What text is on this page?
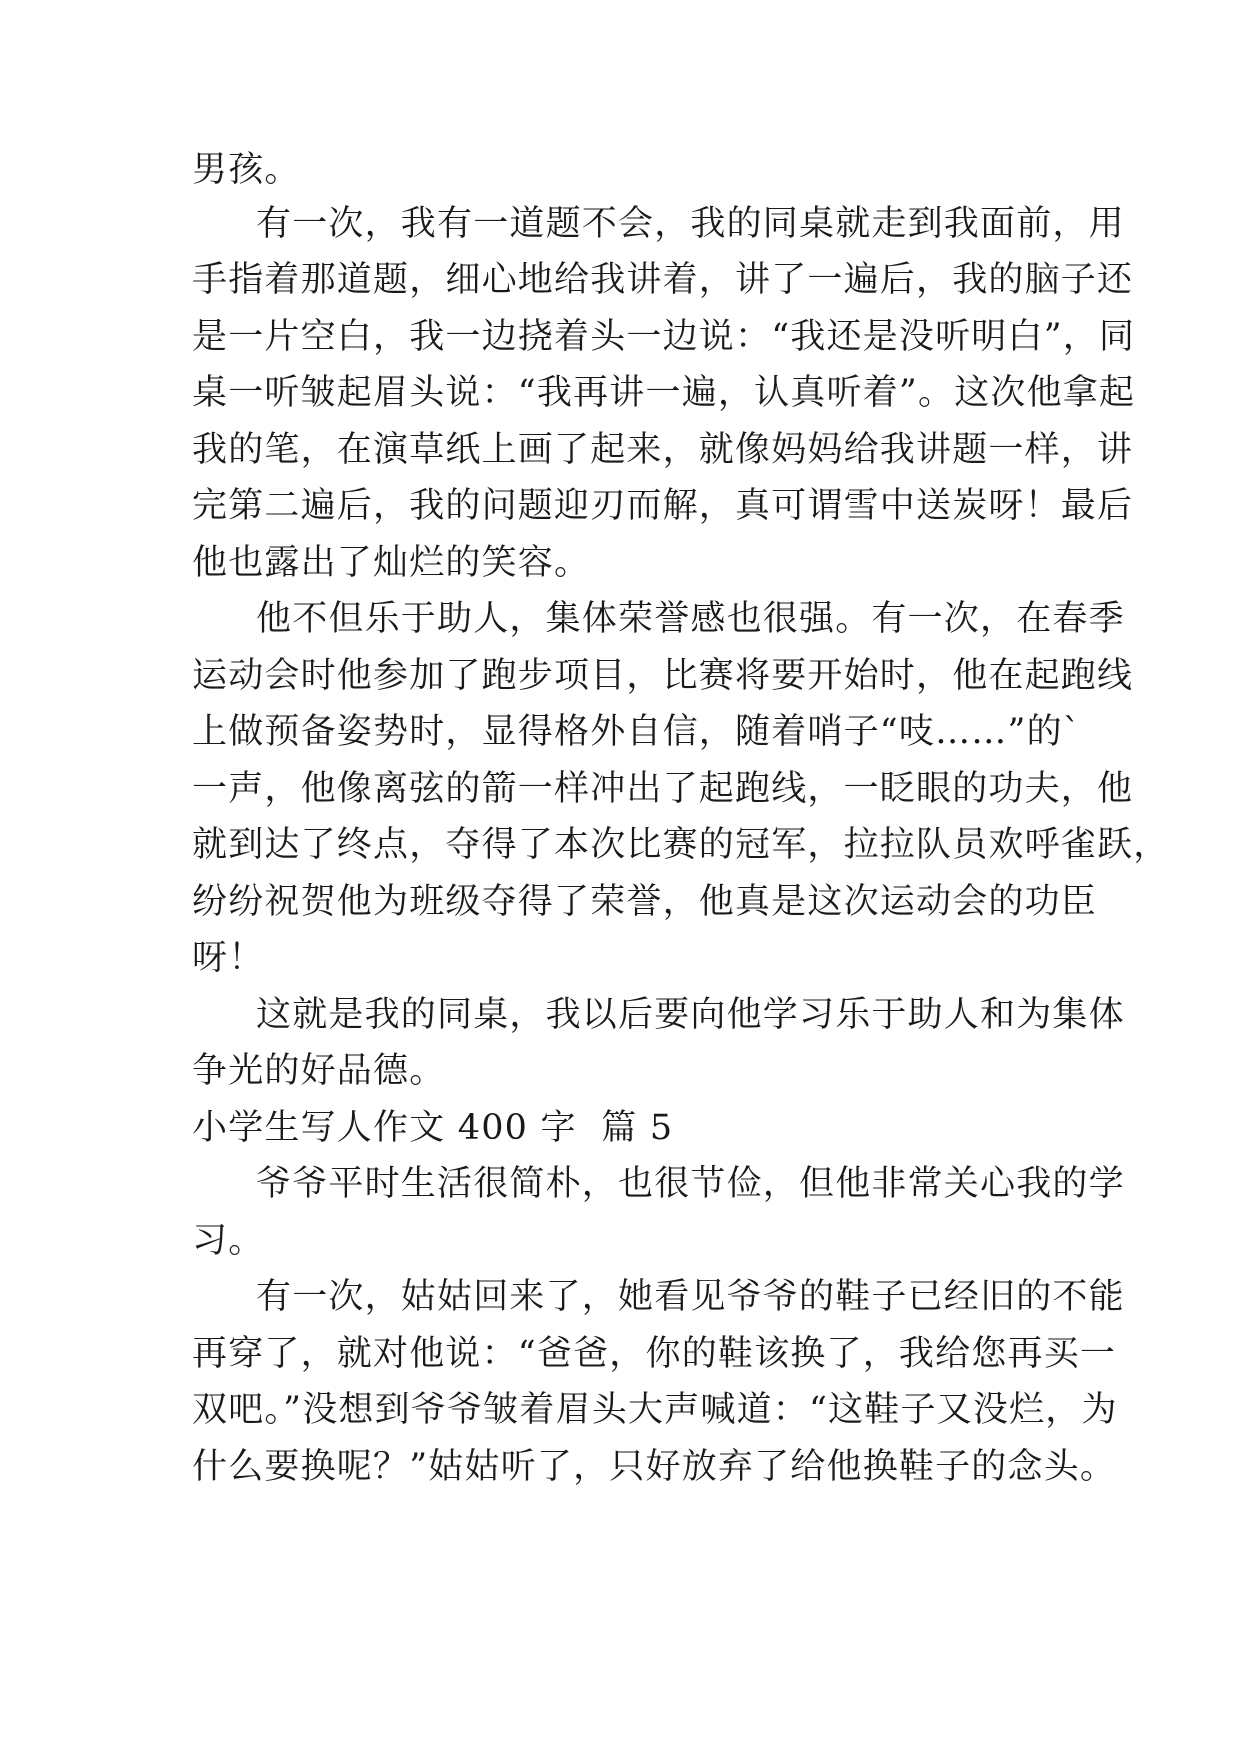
男孩。
有一次，我有一道题不会，我的同桌就走到我面前，用
手指着那道题，细心地给我讲着，讲了一遍后，我的脑子还
是一片空白，我一边挠着头一边说：“我还是没听明白”，同
桌一听皱起眉头说：“我再讲一遍，认真听着”。这次他拿起
我的笔，在演草纸上画了起来，就像妈妈给我讲题一样，讲
完第二遍后，我的问题迎刃而解，真可谓雪中送炭呀！最后
他也露出了灿烂的笑容。
他不但乐于助人，集体荣誉感也很强。有一次，在春季
运动会时他参加了跑步项目，比赛将要开始时，他在起跑线
上做预备姿势时，显得格外自信，随着哨子“吱……”的`
一声，他像离弦的箭一样冲出了起跑线，一眨眼的功夫，他
就到达了终点，夺得了本次比赛的冠军，拉拉队员欢呼雀跃，
纷纷祝贺他为班级夺得了荣誉，他真是这次运动会的功臣
呀！
这就是我的同桌，我以后要向他学习乐于助人和为集体
争光的好品德。
小学生写人作文 400 字  篇 5
爷爷平时生活很简朴，也很节俭，但他非常关心我的学
习。
有一次，姑姑回来了，她看见爷爷的鞋子已经旧的不能
再穿了，就对他说：“爸爸，你的鞋该换了，我给您再买一
双吧。”没想到爷爷皱着眉头大声喊道：“这鞋子又没烂，为
什么要换呢？”姑姑听了，只好放弃了给他换鞋子的念头。
